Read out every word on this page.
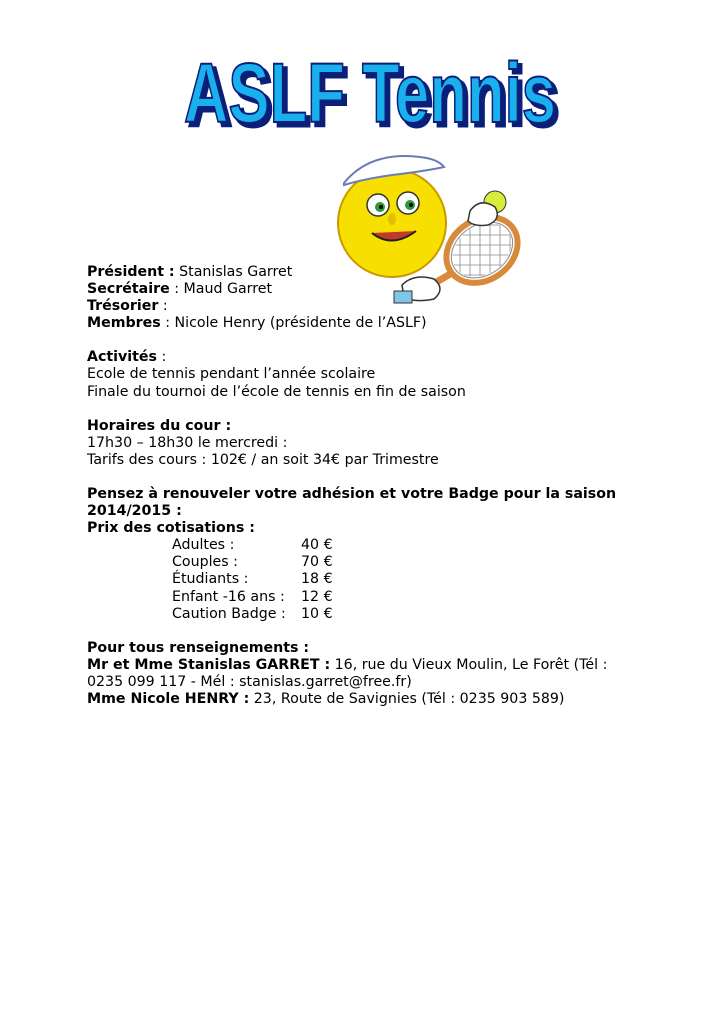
ASLF Tennis
ASLF Tennis

Président : Stanislas Garret

Secrétaire : Maud Garret

Trésorier :

Membres : Nicole Henry (présidente de l’ASLF)

Activités :

Ecole de tennis pendant l’année scolaire

Finale du tournoi de l’école de tennis en fin de saison

Horaires du cour :

17h30 – 18h30 le mercredi :

Tarifs des cours : 102€ / an soit 34€ par Trimestre

Pensez à renouveler votre adhésion et votre Badge pour la saison

2014/2015 :

Prix des cotisations :

Adultes :	40 €
Couples :	70 €
Étudiants :	18 €
Enfant -16 ans :	12 €
Caution Badge :	10 €

Pour tous renseignements :

Mr et Mme Stanislas GARRET : 16, rue du Vieux Moulin, Le Forêt (Tél :

0235 099 117 - Mél : stanislas.garret@free.fr)

Mme Nicole HENRY : 23, Route de Savignies (Tél : 0235 903 589)
